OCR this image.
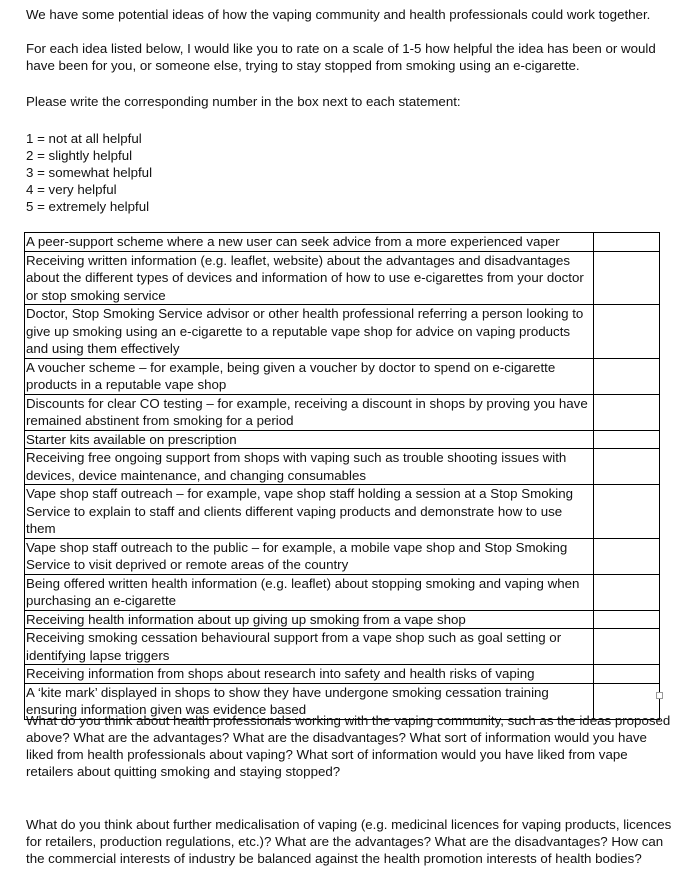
We have some potential ideas of how the vaping community and health professionals could work together.

For each idea listed below, I would like you to rate on a scale of 1-5 how helpful the idea has been or would have been for you, or someone else, trying to stay stopped from smoking using an e-cigarette.

Please write the corresponding number in the box next to each statement:

1 = not at all helpful
2 = slightly helpful
3 = somewhat helpful
4 = very helpful
5 = extremely helpful
A peer-support scheme where a new user can seek advice from a more experienced vaper	
Receiving written information (e.g. leaflet, website) about the advantages and disadvantages about the different types of devices and information of how to use e-cigarettes from your doctor or stop smoking service	
Doctor, Stop Smoking Service advisor or other health professional referring a person looking to give up smoking using an e-cigarette to a reputable vape shop for advice on vaping products and using them effectively	
A voucher scheme – for example, being given a voucher by doctor to spend on e-cigarette products in a reputable vape shop	
Discounts for clear CO testing – for example, receiving a discount in shops by proving you have remained abstinent from smoking for a period	
Starter kits available on prescription	
Receiving free ongoing support from shops with vaping such as trouble shooting issues with devices, device maintenance, and changing consumables	
Vape shop staff outreach – for example, vape shop staff holding a session at a Stop Smoking Service to explain to staff and clients different vaping products and demonstrate how to use them	
Vape shop staff outreach to the public – for example, a mobile vape shop and Stop Smoking Service to visit deprived or remote areas of the country	
Being offered written health information (e.g. leaflet) about stopping smoking and vaping when purchasing an e-cigarette	
Receiving health information about up giving up smoking from a vape shop	
Receiving smoking cessation behavioural support from a vape shop such as goal setting or identifying lapse triggers	
Receiving information from shops about research into safety and health risks of vaping	
A ‘kite mark’ displayed in shops to show they have undergone smoking cessation training ensuring information given was evidence based	

What do you think about health professionals working with the vaping community, such as the ideas proposed above? What are the advantages? What are the disadvantages? What sort of information would you have liked from health professionals about vaping? What sort of information would you have liked from vape retailers about quitting smoking and staying stopped?

What do you think about further medicalisation of vaping (e.g. medicinal licences for vaping products, licences for retailers, production regulations, etc.)? What are the advantages? What are the disadvantages? How can the commercial interests of industry be balanced against the health promotion interests of health bodies?
